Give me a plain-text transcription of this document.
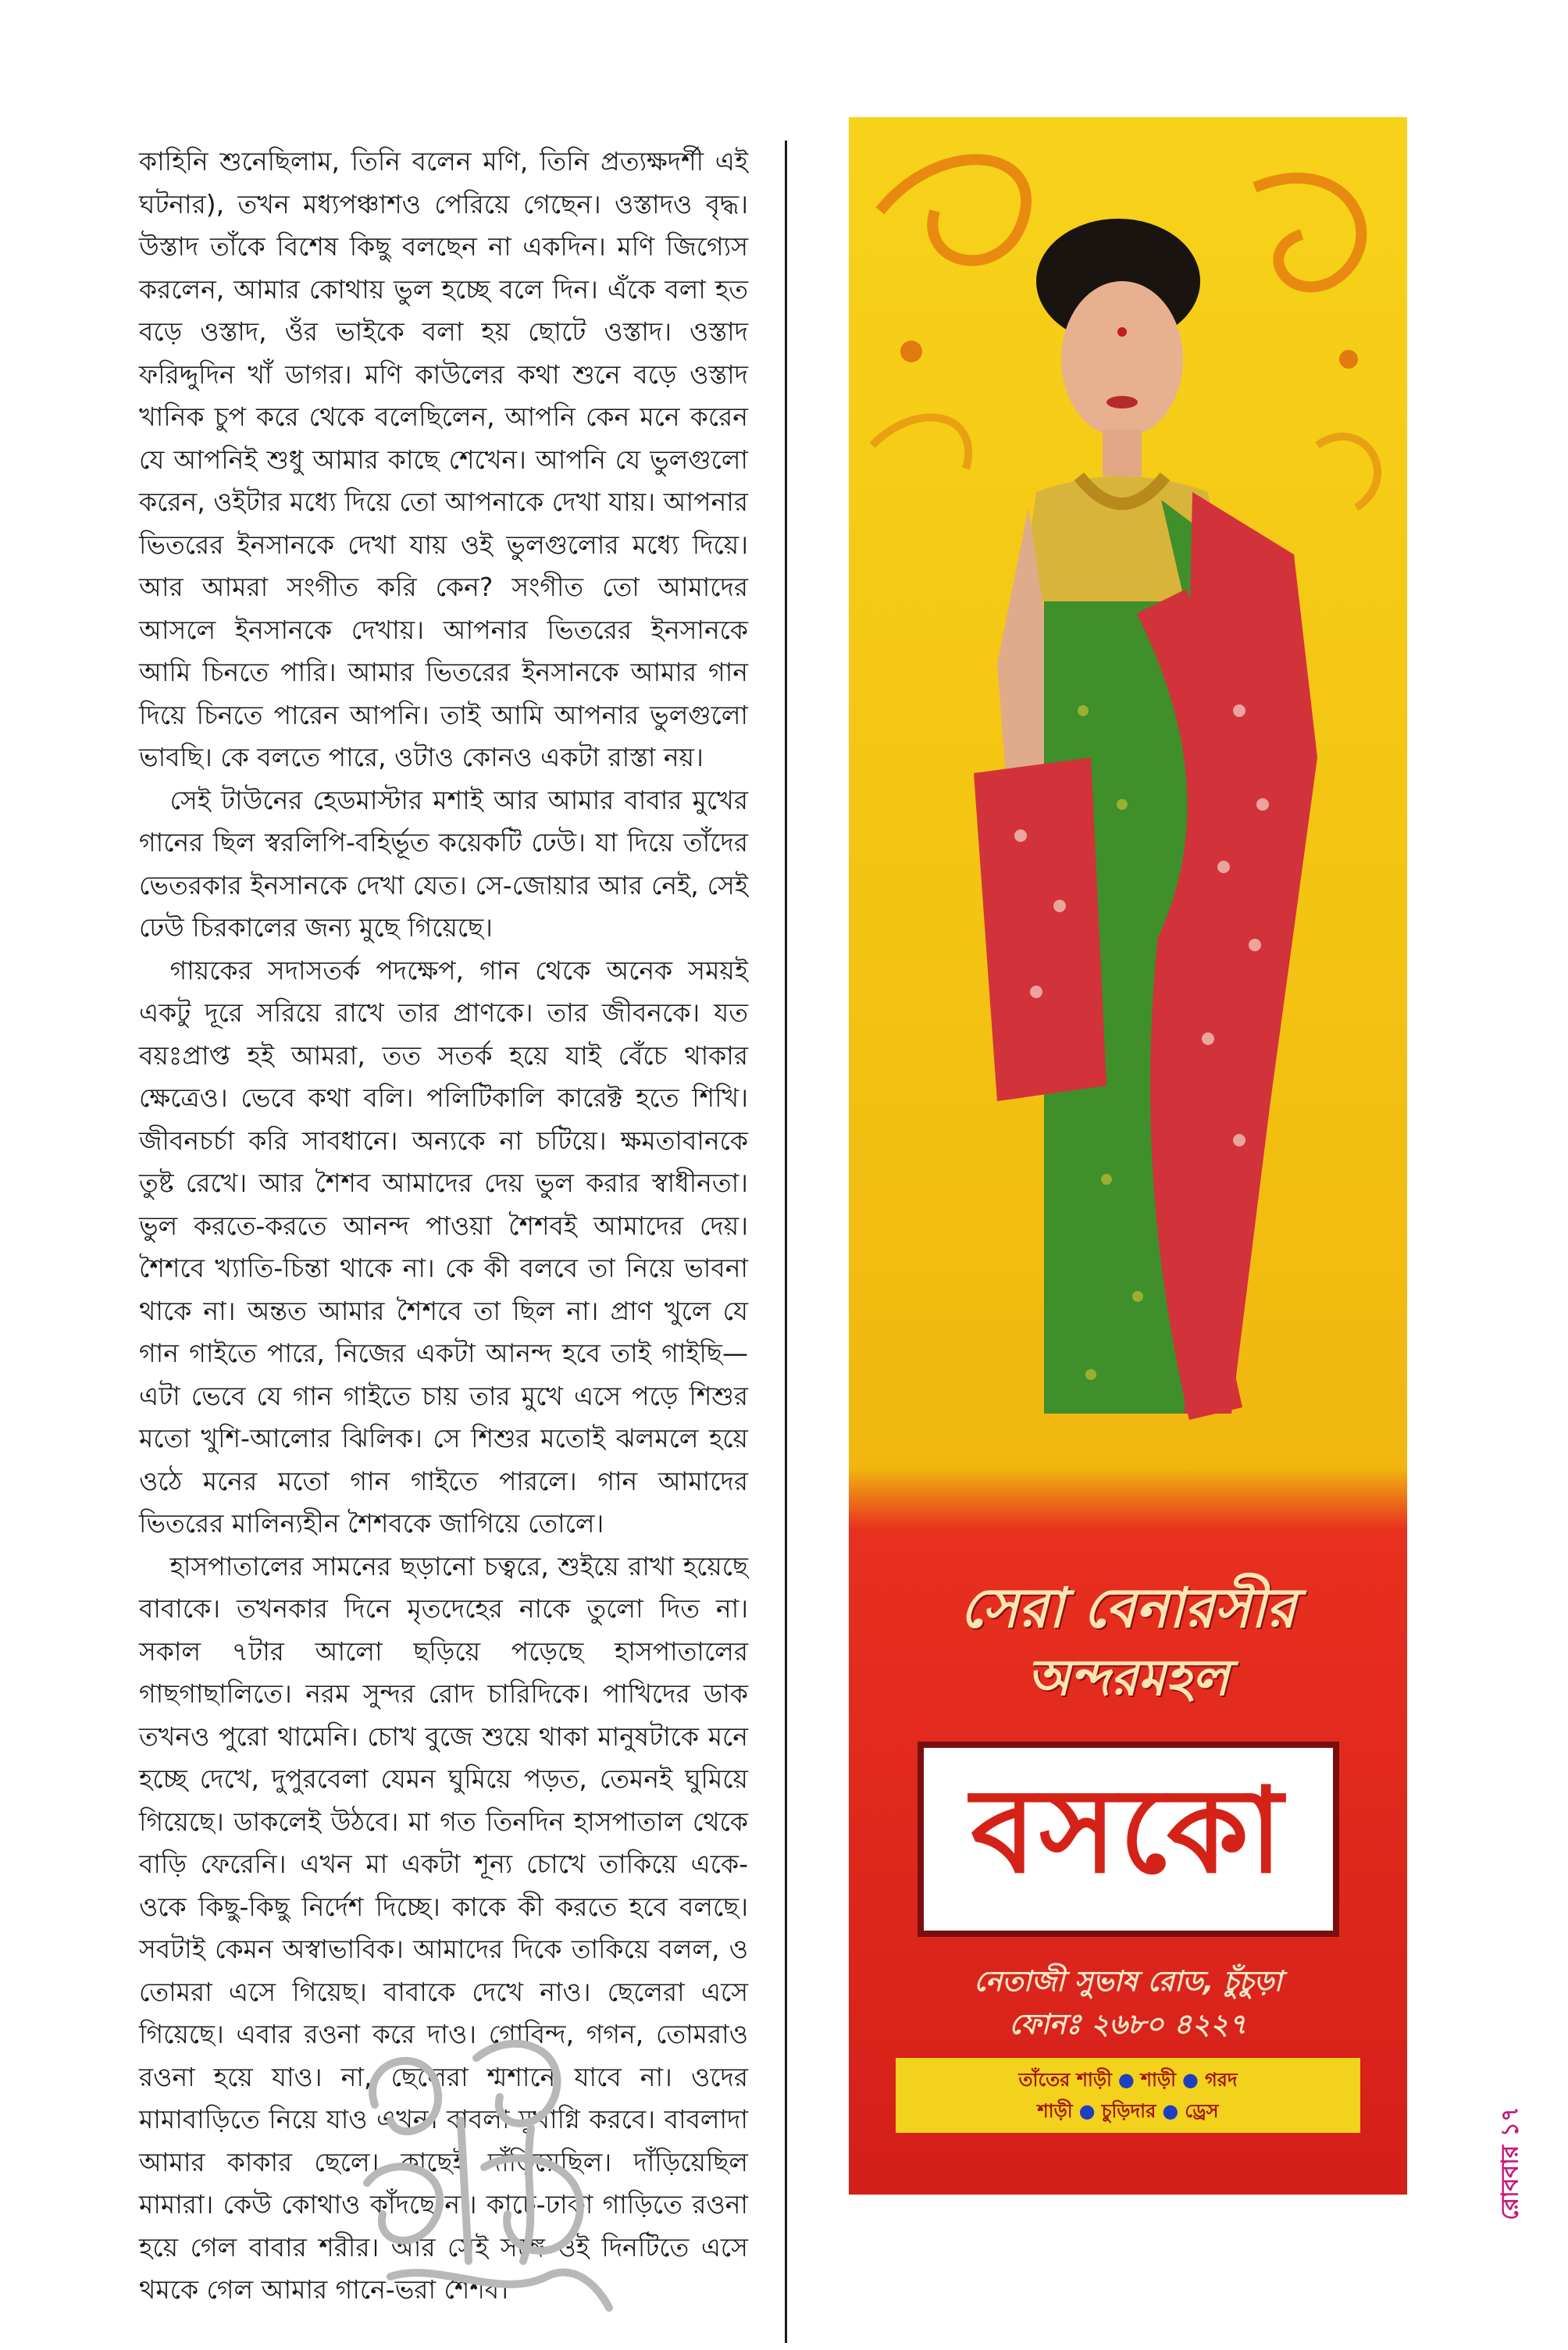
কাহিনি শুনেছিলাম, তিনি বলেন মণি, তিনি প্রত্যক্ষদর্শী এই ঘটনার), তখন মধ্যপঞ্চাশও পেরিয়ে গেছেন। ওস্তাদও বৃদ্ধ। উস্তাদ তাঁকে বিশেষ কিছু বলছেন না একদিন। মণি জিগ্যেস করলেন, আমার কোথায় ভুল হচ্ছে বলে দিন। এঁকে বলা হত বড়ে ওস্তাদ, ওঁর ভাইকে বলা হয় ছোটে ওস্তাদ। ওস্তাদ ফরিদ্দুদিন খাঁ ডাগর। মণি কাউলের কথা শুনে বড়ে ওস্তাদ খানিক চুপ করে থেকে বলেছিলেন, আপনি কেন মনে করেন যে আপনিই শুধু আমার কাছে শেখেন। আপনি যে ভুলগুলো করেন, ওইটার মধ্যে দিয়ে তো আপনাকে দেখা যায়। আপনার ভিতরের ইনসানকে দেখা যায় ওই ভুলগুলোর মধ্যে দিয়ে। আর আমরা সংগীত করি কেন? সংগীত তো আমাদের আসলে ইনসানকে দেখায়। আপনার ভিতরের ইনসানকে আমি চিনতে পারি। আমার ভিতরের ইনসানকে আমার গান দিয়ে চিনতে পারেন আপনি। তাই আমি আপনার ভুলগুলো ভাবছি। কে বলতে পারে, ওটাও কোনও একটা রাস্তা নয়।

সেই টাউনের হেডমাস্টার মশাই আর আমার বাবার মুখের গানের ছিল স্বরলিপি-বহির্ভূত কয়েকটি ঢেউ। যা দিয়ে তাঁদের ভেতরকার ইনসানকে দেখা যেত। সে-জোয়ার আর নেই, সেই ঢেউ চিরকালের জন্য মুছে গিয়েছে।

গায়কের সদাসতর্ক পদক্ষেপ, গান থেকে অনেক সময়ই একটু দূরে সরিয়ে রাখে তার প্রাণকে। তার জীবনকে। যত বয়ঃপ্রাপ্ত হই আমরা, তত সতর্ক হয়ে যাই বেঁচে থাকার ক্ষেত্রেও। ভেবে কথা বলি। পলিটিকালি কারেক্ট হতে শিখি। জীবনচর্চা করি সাবধানে। অন্যকে না চটিয়ে। ক্ষমতাবানকে তুষ্ট রেখে। আর শৈশব আমাদের দেয় ভুল করার স্বাধীনতা। ভুল করতে-করতে আনন্দ পাওয়া শৈশবই আমাদের দেয়। শৈশবে খ্যাতি-চিন্তা থাকে না। কে কী বলবে তা নিয়ে ভাবনা থাকে না। অন্তত আমার শৈশবে তা ছিল না। প্রাণ খুলে যে গান গাইতে পারে, নিজের একটা আনন্দ হবে তাই গাইছি—এটা ভেবে যে গান গাইতে চায় তার মুখে এসে পড়ে শিশুর মতো খুশি-আলোর ঝিলিক। সে শিশুর মতোই ঝলমলে হয়ে ওঠে মনের মতো গান গাইতে পারলে। গান আমাদের ভিতরের মালিন্যহীন শৈশবকে জাগিয়ে তোলে।

হাসপাতালের সামনের ছড়ানো চত্বরে, শুইয়ে রাখা হয়েছে বাবাকে। তখনকার দিনে মৃতদেহের নাকে তুলো দিত না। সকাল ৭টার আলো ছড়িয়ে পড়েছে হাসপাতালের গাছগাছালিতে। নরম সুন্দর রোদ চারিদিকে। পাখিদের ডাক তখনও পুরো থামেনি। চোখ বুজে শুয়ে থাকা মানুষটাকে মনে হচ্ছে দেখে, দুপুরবেলা যেমন ঘুমিয়ে পড়ত, তেমনই ঘুমিয়ে গিয়েছে। ডাকলেই উঠবে। মা গত তিনদিন হাসপাতাল থেকে বাড়ি ফেরেনি। এখন মা একটা শূন্য চোখে তাকিয়ে একে-ওকে কিছু-কিছু নির্দেশ দিচ্ছে। কাকে কী করতে হবে বলছে। সবটাই কেমন অস্বাভাবিক। আমাদের দিকে তাকিয়ে বলল, ও তোমরা এসে গিয়েছ। বাবাকে দেখে নাও। ছেলেরা এসে গিয়েছে। এবার রওনা করে দাও। গোবিন্দ, গগন, তোমরাও রওনা হয়ে যাও। না, ছেলেরা শ্মশানে যাবে না। ওদের মামাবাড়িতে নিয়ে যাও এখন। বাবলা মুখাগ্নি করবে। বাবলাদা আমার কাকার ছেলে। কাছেই দাঁড়িয়েছিল। দাঁড়িয়েছিল মামারা। কেউ কোথাও কাঁদছে না। কাচে-ঢাকা গাড়িতে রওনা হয়ে গেল বাবার শরীর। আর সেই সঙ্গে ওই দিনটিতে এসে থমকে গেল আমার গানে-ভরা শৈশব।

সেরা বেনারসীর
অন্দরমহল
বসকো
নেতাজী সুভাষ রোড, চুঁচুড়া
ফোনঃ ২৬৮০ ৪২২৭
তাঁতের শাড়ী ● শাড়ী ● গরদ
শাড়ী ● চুড়িদার ● ড্রেস	রোববার ১৭
